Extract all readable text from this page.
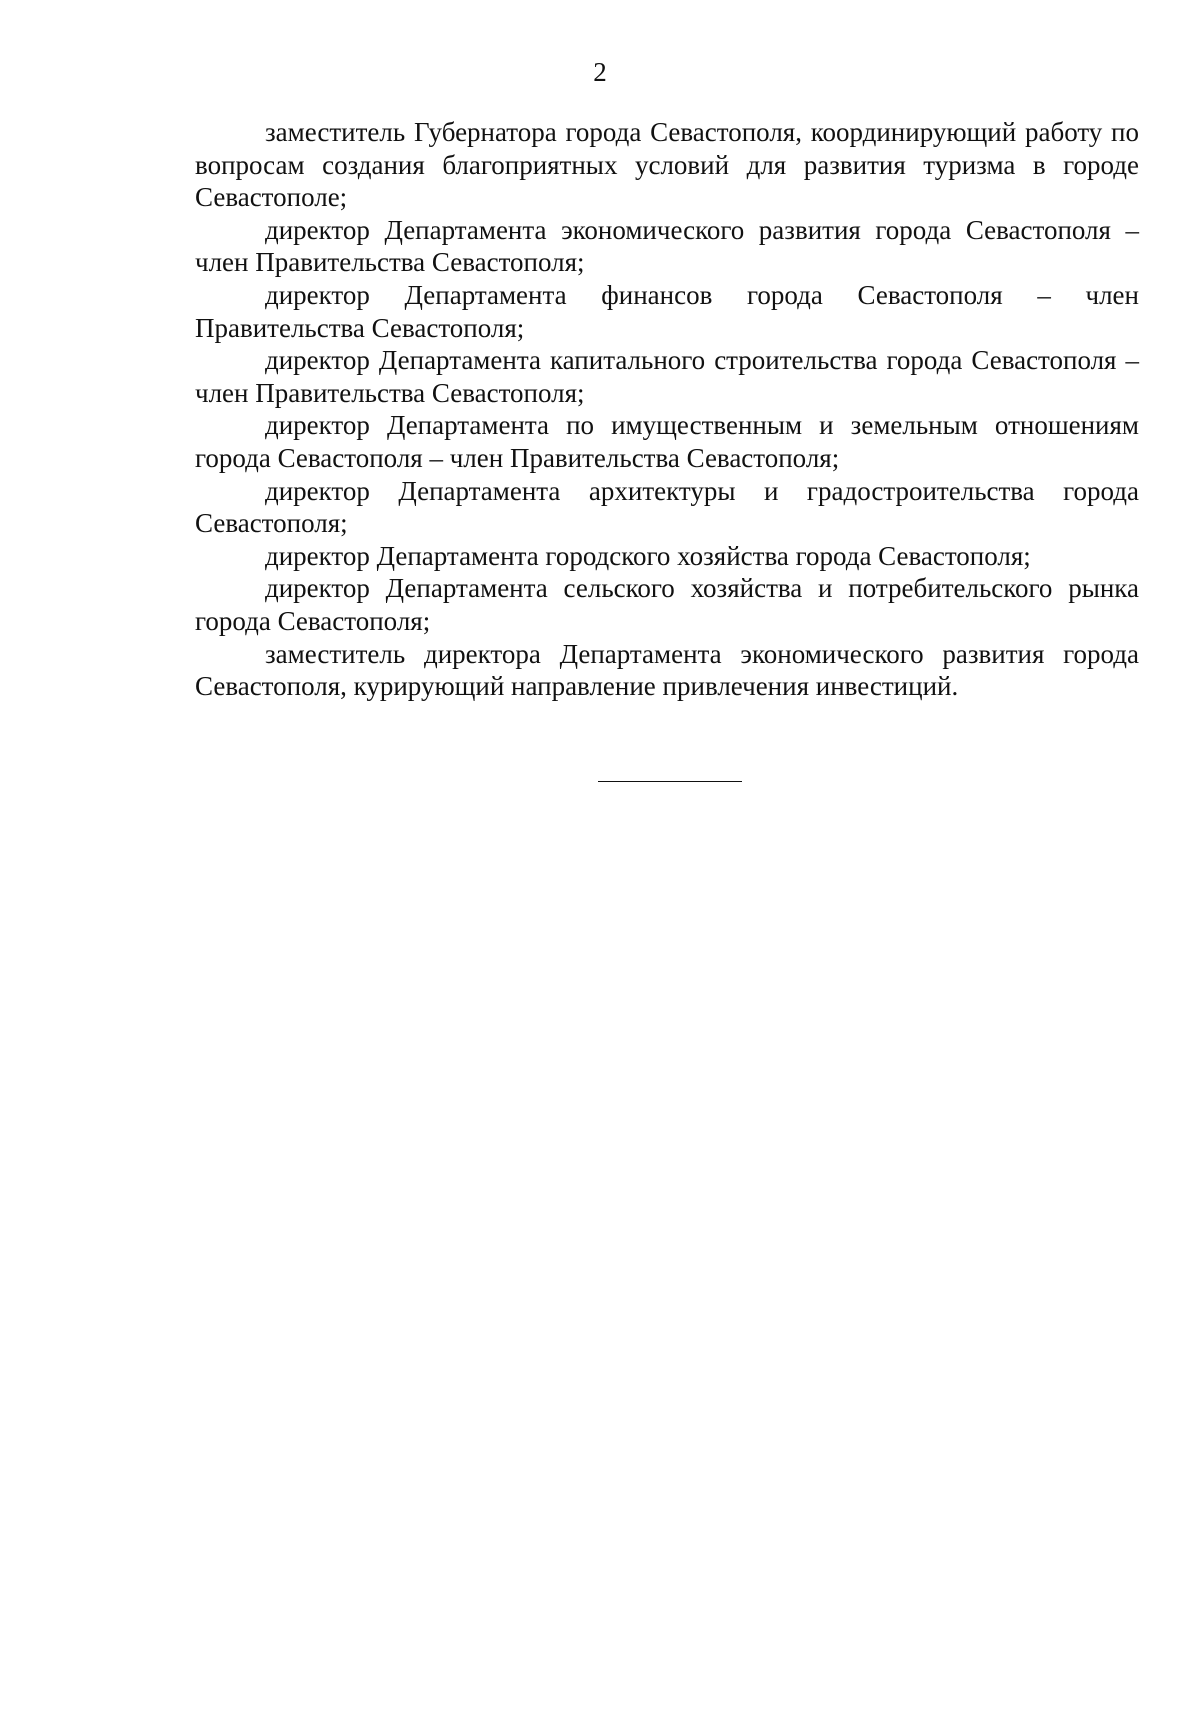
2

заместитель Губернатора города Севастополя, координирующий работу по вопросам создания благоприятных условий для развития туризма в городе Севастополе;

директор Департамента экономического развития города Севастополя – член Правительства Севастополя;

директор Департамента финансов города Севастополя – член Правительства Севастополя;

директор Департамента капитального строительства города Севастополя – член Правительства Севастополя;

директор Департамента по имущественным и земельным отношениям города Севастополя – член Правительства Севастополя;

директор Департамента архитектуры и градостроительства города Севастополя;

директор Департамента городского хозяйства города Севастополя;

директор Департамента сельского хозяйства и потребительского рынка города Севастополя;

заместитель директора Департамента экономического развития города Севастополя, курирующий направление привлечения инвестиций.
